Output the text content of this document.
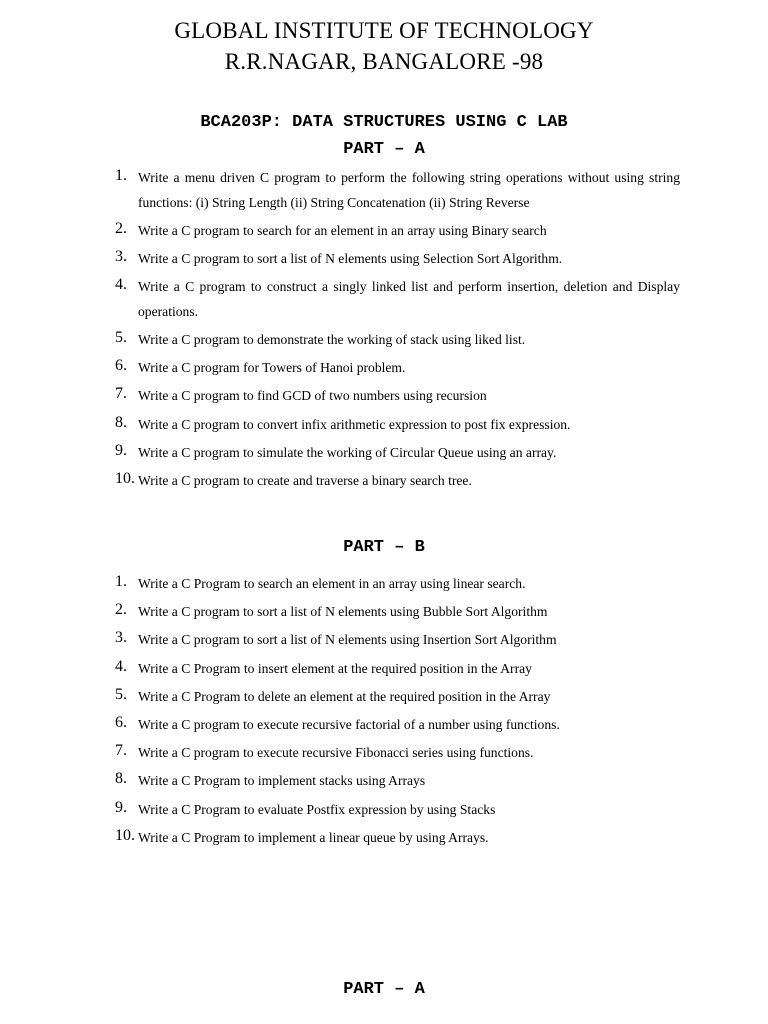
GLOBAL INSTITUTE OF TECHNOLOGY
R.R.NAGAR, BANGALORE -98
BCA203P: DATA STRUCTURES USING C LAB
PART – A
1. Write a menu driven C program to perform the following string operations without using string functions: (i) String Length (ii) String Concatenation (ii) String Reverse
2. Write a C program to search for an element in an array using Binary search
3. Write a C program to sort a list of N elements using Selection Sort Algorithm.
4. Write a C program to construct a singly linked list and perform insertion, deletion and Display operations.
5. Write a C program to demonstrate the working of stack using liked list.
6. Write a C program for Towers of Hanoi problem.
7. Write a C program to find GCD of two numbers using recursion
8. Write a C program to convert infix arithmetic expression to post fix expression.
9. Write a C program to simulate the working of Circular Queue using an array.
10. Write a C program to create and traverse a binary search tree.
PART – B
1. Write a C Program to search an element in an array using linear search.
2. Write a C program to sort a list of N elements using Bubble Sort Algorithm
3. Write a C program to sort a list of N elements using Insertion Sort Algorithm
4. Write a C Program to insert element at the required position in the Array
5. Write a C Program to delete an element at the required position in the Array
6. Write a C program to execute recursive factorial of a number using functions.
7. Write a C program to execute recursive Fibonacci series using functions.
8. Write a C Program to implement stacks using Arrays
9. Write a C Program to evaluate Postfix expression by using Stacks
10. Write a C Program to implement a linear queue by using Arrays.
PART – A
